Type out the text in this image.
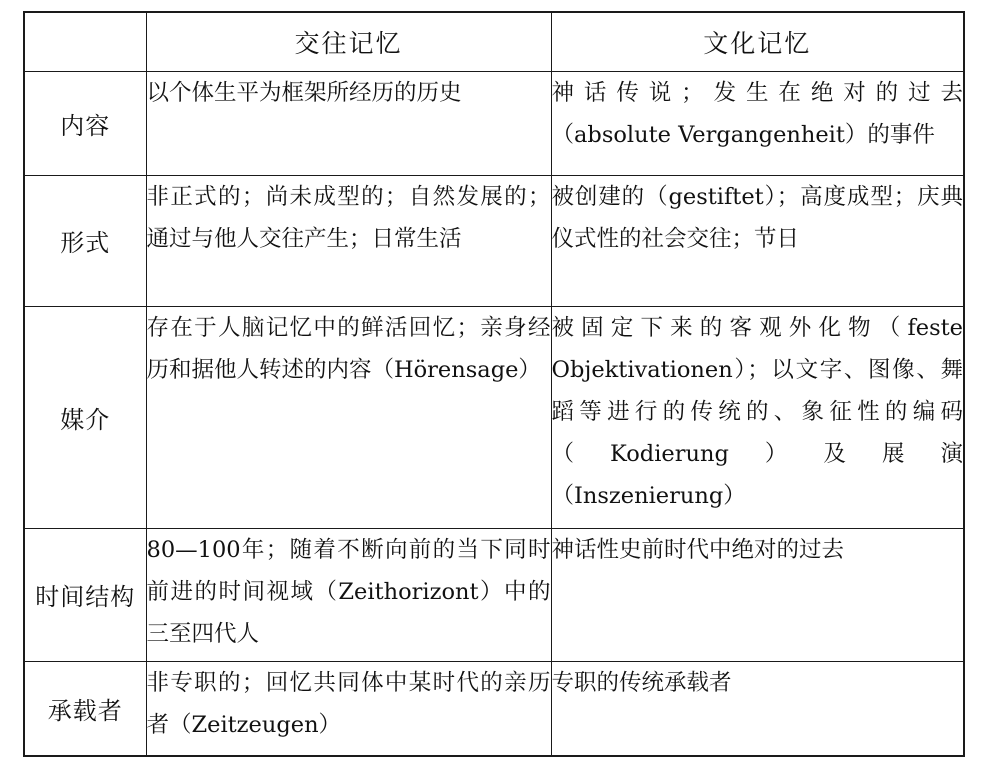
	交往记忆	文化记忆
内容	以个体生平为框架所经历的历史	神话传说；发生在绝对的过去（absolute Vergangenheit）的事件

形式	非正式的；尚未成型的；自然发展的；通过与他人交往产生；日常生活	被创建的（gestiftet）；高度成型；庆典仪式性的社会交往；节日

媒介	存在于人脑记忆中的鲜活回忆；亲身经历和据他人转述的内容（Hörensage）	被固定下来的客观外化物（feste Objektivationen）；以文字、图像、舞蹈等进行的传统的、象征性的编码（Kodierung）及展演（Inszenierung）

时间结构	80—100年；随着不断向前的当下同时前进的时间视域（Zeithorizont）中的三至四代人	神话性史前时代中绝对的过去

承载者	非专职的；回忆共同体中某时代的亲历者（Zeitzeugen）	专职的传统承载者
